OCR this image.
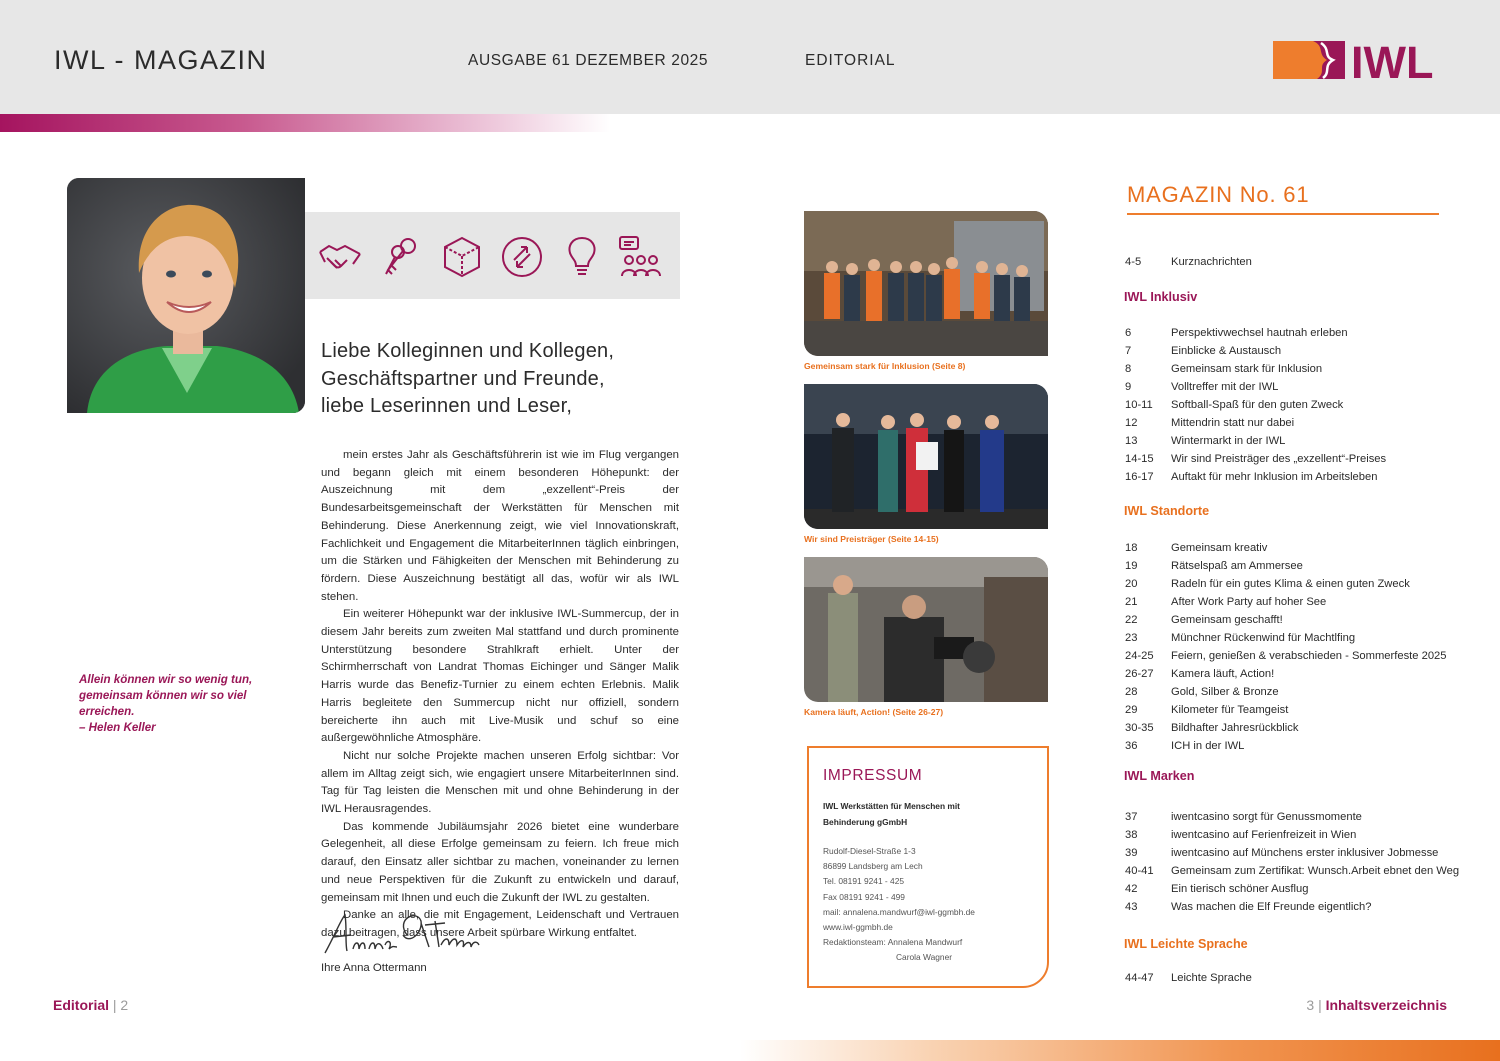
IWL - MAGAZIN	AUSGABE 61 DEZEMBER 2025	EDITORIAL	IWL
Liebe Kolleginnen und Kollegen,
Geschäftspartner und Freunde,
liebe Leserinnen und Leser,

mein erstes Jahr als Geschäftsführerin ist wie im Flug vergangen und begann gleich mit einem besonderen Höhepunkt: der Auszeichnung mit dem „exzellent“-Preis der Bundesarbeitsgemeinschaft der Werkstätten für Menschen mit Behinderung. Diese Anerkennung zeigt, wie viel Innovationskraft, Fachlichkeit und Engagement die MitarbeiterInnen täglich einbringen, um die Stärken und Fähigkeiten der Menschen mit Behinderung zu fördern. Diese Auszeichnung bestätigt all das, wofür wir als IWL stehen.

Ein weiterer Höhepunkt war der inklusive IWL-Summercup, der in diesem Jahr bereits zum zweiten Mal stattfand und durch prominente Unterstützung besondere Strahlkraft erhielt. Unter der Schirmherrschaft von Landrat Thomas Eichinger und Sänger Malik Harris wurde das Benefiz-Turnier zu einem echten Erlebnis. Malik Harris begleitete den Summercup nicht nur offiziell, sondern bereicherte ihn auch mit Live-Musik und schuf so eine außergewöhnliche Atmosphäre.

Nicht nur solche Projekte machen unseren Erfolg sichtbar: Vor allem im Alltag zeigt sich, wie engagiert unsere MitarbeiterInnen sind. Tag für Tag leisten die Menschen mit und ohne Behinderung in der IWL Herausragendes.

Das kommende Jubiläumsjahr 2026 bietet eine wunderbare Gelegenheit, all diese Erfolge gemeinsam zu feiern. Ich freue mich darauf, den Einsatz aller sichtbar zu machen, voneinander zu lernen und neue Perspektiven für die Zukunft zu entwickeln und darauf, gemeinsam mit Ihnen und euch die Zukunft der IWL zu gestalten.

Danke an alle, die mit Engagement, Leidenschaft und Vertrauen dazu beitragen, dass unsere Arbeit spürbare Wirkung entfaltet.

Ihre Anna Ottermann
Allein können wir so wenig tun,
gemeinsam können wir so viel
erreichen.
– Helen Keller
Editorial | 2
Gemeinsam stark für Inklusion (Seite 8)
Wir sind Preisträger (Seite 14-15)
Kamera läuft, Action! (Seite 26-27)
IMPRESSUM
IWL Werkstätten für Menschen mit
Behinderung gGmbH
Rudolf-Diesel-Straße 1-3
86899 Landsberg am Lech
Tel. 08191 9241 - 425
Fax 08191 9241 - 499
mail: annalena.mandwurf@iwl-ggmbh.de
www.iwl-ggmbh.de
Redaktionsteam: Annalena Mandwurf
Carola Wagner
MAGAZIN No. 61
4-5	Kurznachrichten
IWL Inklusiv
6	Perspektivwechsel hautnah erleben
7	Einblicke & Austausch
8	Gemeinsam stark für Inklusion
9	Volltreffer mit der IWL
10-11 Softball-Spaß für den guten Zweck
12	Mittendrin statt nur dabei
13	Wintermarkt in der IWL
14-15 Wir sind Preisträger des „exzellent“-Preises
16-17 Auftakt für mehr Inklusion im Arbeitsleben
IWL Standorte
18	Gemeinsam kreativ
19	Rätselspaß am Ammersee
20	Radeln für ein gutes Klima & einen guten Zweck
21	After Work Party auf hoher See
22	Gemeinsam geschafft!
23	Münchner Rückenwind für Machtlfing
24-25 Feiern, genießen & verabschieden - Sommerfeste 2025
26-27 Kamera läuft, Action!
28	Gold, Silber & Bronze
29	Kilometer für Teamgeist
30-35 Bildhafter Jahresrückblick
36	ICH in der IWL
IWL Marken
37	iwentcasino sorgt für Genussmomente
38	iwentcasino auf Ferienfreizeit in Wien
39	iwentcasino auf Münchens erster inklusiver Jobmesse
40-41 Gemeinsam zum Zertifikat: Wunsch.Arbeit ebnet den Weg
42	Ein tierisch schöner Ausflug
43	Was machen die Elf Freunde eigentlich?
IWL Leichte Sprache
44-47 Leichte Sprache
3 | Inhaltsverzeichnis
